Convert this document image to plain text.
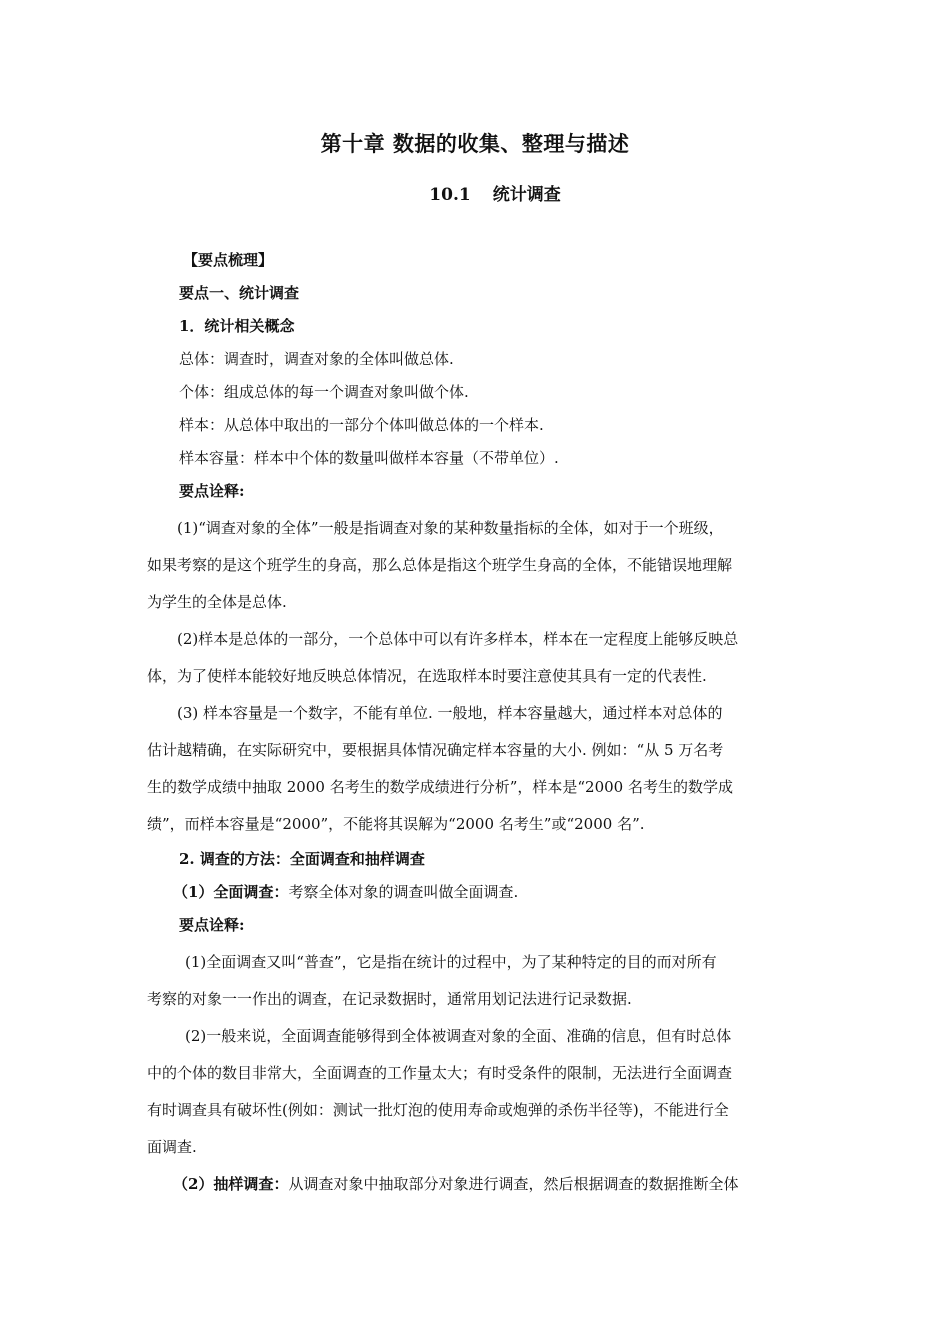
第十章 数据的收集、整理与描述
10.1 统计调查
【要点梳理】
要点一、统计调查
1．统计相关概念
总体：调查时，调查对象的全体叫做总体.
个体：组成总体的每一个调查对象叫做个体.
样本：从总体中取出的一部分个体叫做总体的一个样本.
样本容量：样本中个体的数量叫做样本容量（不带单位）.
要点诠释:
(1)“调查对象的全体”一般是指调查对象的某种数量指标的全体，如对于一个班级，
如果考察的是这个班学生的身高，那么总体是指这个班学生身高的全体，不能错误地理解
为学生的全体是总体.
(2)样本是总体的一部分，一个总体中可以有许多样本，样本在一定程度上能够反映总
体，为了使样本能较好地反映总体情况，在选取样本时要注意使其具有一定的代表性.
(3) 样本容量是一个数字，不能有单位. 一般地，样本容量越大，通过样本对总体的
估计越精确，在实际研究中，要根据具体情况确定样本容量的大小. 例如：“从 5 万名考
生的数学成绩中抽取 2000 名考生的数学成绩进行分析”，样本是“2000 名考生的数学成
绩”，而样本容量是“2000”，不能将其误解为“2000 名考生”或“2000 名”.
2. 调查的方法：全面调查和抽样调查
（1）全面调查：考察全体对象的调查叫做全面调查.
要点诠释:
(1)全面调查又叫“普查”，它是指在统计的过程中，为了某种特定的目的而对所有
考察的对象一一作出的调查，在记录数据时，通常用划记法进行记录数据.
(2)一般来说，全面调查能够得到全体被调查对象的全面、准确的信息，但有时总体
中的个体的数目非常大，全面调查的工作量太大；有时受条件的限制，无法进行全面调查
有时调查具有破坏性(例如：测试一批灯泡的使用寿命或炮弹的杀伤半径等)，不能进行全
面调查.
（2）抽样调查：从调查对象中抽取部分对象进行调查，然后根据调查的数据推断全体
